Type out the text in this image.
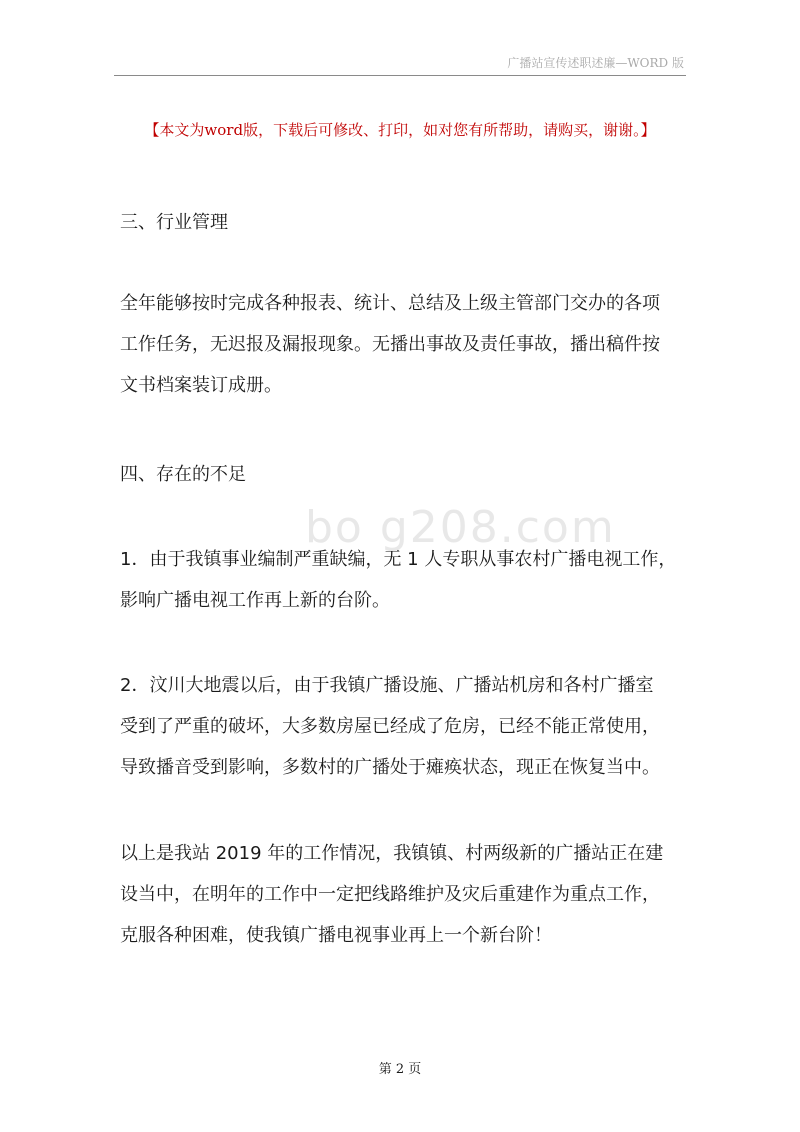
广播站宣传述职述廉—WORD 版
【本文为word版，下载后可修改、打印，如对您有所帮助，请购买，谢谢。】
bo g208.com

三、行业管理

全年能够按时完成各种报表、统计、总结及上级主管部门交办的各项

工作任务，无迟报及漏报现象。无播出事故及责任事故，播出稿件按

文书档案装订成册。

四、存在的不足

1．由于我镇事业编制严重缺编，无 1 人专职从事农村广播电视工作，

影响广播电视工作再上新的台阶。

2．汶川大地震以后，由于我镇广播设施、广播站机房和各村广播室

受到了严重的破坏，大多数房屋已经成了危房，已经不能正常使用，

导致播音受到影响，多数村的广播处于瘫痪状态，现正在恢复当中。

以上是我站 2019 年的工作情况，我镇镇、村两级新的广播站正在建

设当中，在明年的工作中一定把线路维护及灾后重建作为重点工作，

克服各种困难，使我镇广播电视事业再上一个新台阶！

第 2 页
